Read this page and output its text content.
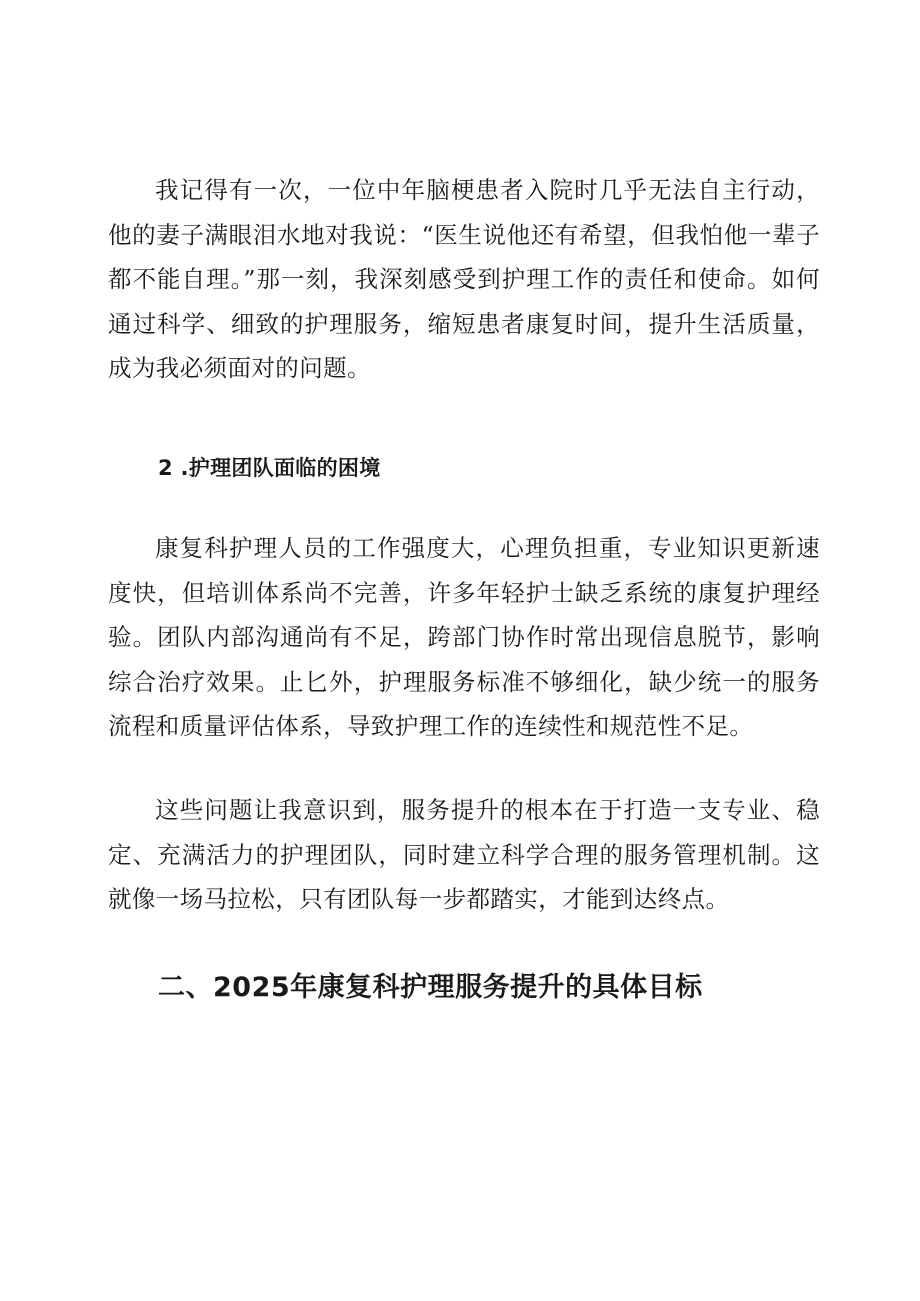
我记得有一次，一位中年脑梗患者入院时几乎无法自主行动，他的妻子满眼泪水地对我说：“医生说他还有希望，但我怕他一辈子都不能自理。”那一刻，我深刻感受到护理工作的责任和使命。如何通过科学、细致的护理服务，缩短患者康复时间，提升生活质量，成为我必须面对的问题。

2 .护理团队面临的困境

康复科护理人员的工作强度大，心理负担重，专业知识更新速度快，但培训体系尚不完善，许多年轻护士缺乏系统的康复护理经验。团队内部沟通尚有不足，跨部门协作时常出现信息脱节，影响综合治疗效果。止匕外，护理服务标准不够细化，缺少统一的服务流程和质量评估体系，导致护理工作的连续性和规范性不足。

这些问题让我意识到，服务提升的根本在于打造一支专业、稳定、充满活力的护理团队，同时建立科学合理的服务管理机制。这就像一场马拉松，只有团队每一步都踏实，才能到达终点。

二、2025年康复科护理服务提升的具体目标
